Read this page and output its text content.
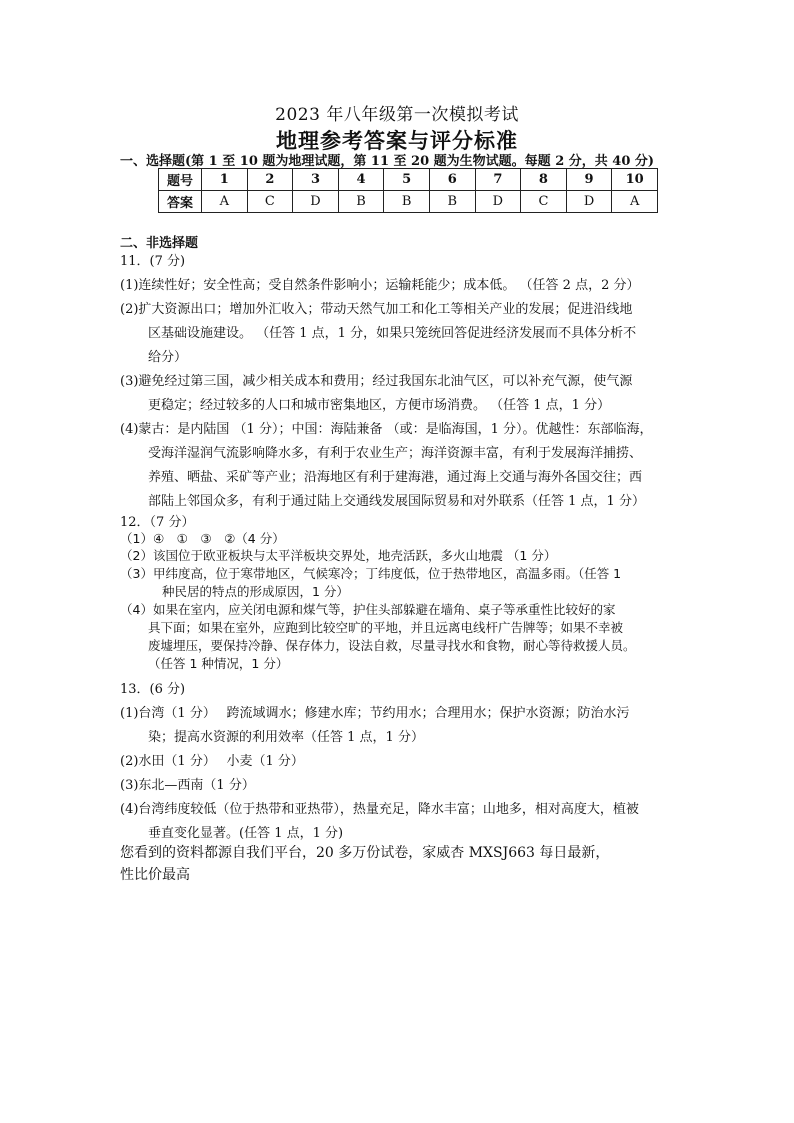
2023 年八年级第一次模拟考试
地理参考答案与评分标准
一、选择题(第 1 至 10 题为地理试题，第 11 至 20 题为生物试题。每题 2 分，共 40 分)
题号	1	2	3	4	5	6	7	8	9	10
答案	A	C	D	B	B	B	D	C	D	A
二、非选择题
11．(7 分)
(1)连续性好；安全性高；受自然条件影响小；运输耗能少；成本低。 （任答 2 点，2 分）
(2)扩大资源出口；增加外汇收入；带动天然气加工和化工等相关产业的发展；促进沿线地
区基础设施建设。 （任答 1 点，1 分，如果只笼统回答促进经济发展而不具体分析不
给分）
(3)避免经过第三国，减少相关成本和费用；经过我国东北油气区，可以补充气源，使气源
更稳定；经过较多的人口和城市密集地区，方便市场消费。 （任答 1 点，1 分）
(4)蒙古：是内陆国 （1 分）；中国：海陆兼备 （或：是临海国，1 分）。优越性：东部临海，
受海洋湿润气流影响降水多，有利于农业生产；海洋资源丰富，有利于发展海洋捕捞、
养殖、晒盐、采矿等产业；沿海地区有利于建海港，通过海上交通与海外各国交往；西
部陆上邻国众多，有利于通过陆上交通线发展国际贸易和对外联系（任答 1 点，1 分）
12．（7 分）
（1）④　①　③　②（4 分）
（2）该国位于欧亚板块与太平洋板块交界处，地壳活跃，多火山地震 （1 分）
（3）甲纬度高，位于寒带地区，气候寒冷；丁纬度低，位于热带地区，高温多雨。（任答 1
种民居的特点的形成原因，1 分）
（4）如果在室内，应关闭电源和煤气等，护住头部躲避在墙角、桌子等承重性比较好的家
具下面；如果在室外，应跑到比较空旷的平地，并且远离电线杆广告牌等；如果不幸被
废墟埋压，要保持冷静、保存体力，设法自救，尽量寻找水和食物，耐心等待救援人员。
（任答 1 种情况，1 分）
13．(6 分)
(1)台湾（1 分）　 跨流域调水；修建水库；节约用水；合理用水；保护水资源；防治水污
染；提高水资源的利用效率（任答 1 点，1 分）
(2)水田（1 分）　 小麦（1 分）
(3)东北—西南（1 分）
(4)台湾纬度较低（位于热带和亚热带），热量充足，降水丰富；山地多，相对高度大，植被
垂直变化显著。(任答 1 点，1 分)
您看到的资料都源自我们平台，20 多万份试卷，家威杏 MXSJ663 每日最新，
性比价最高
